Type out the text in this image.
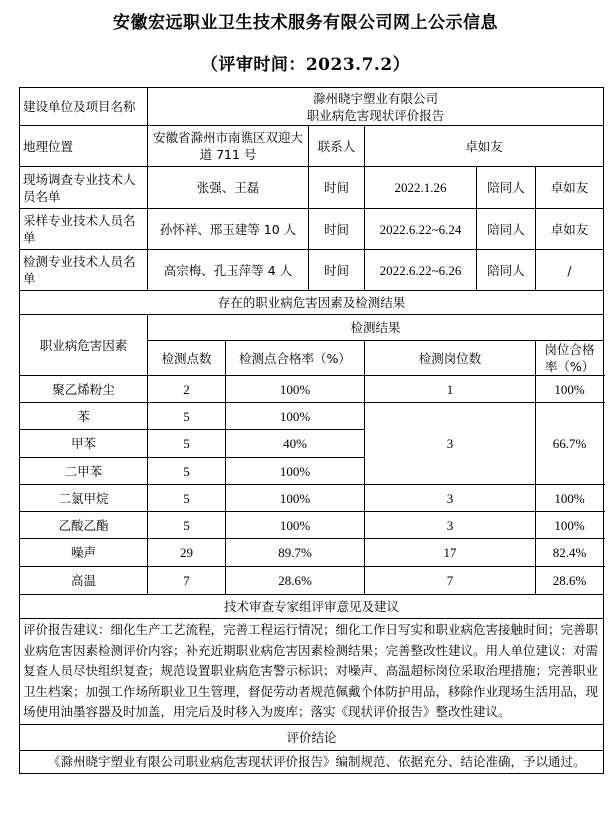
安徽宏远职业卫生技术服务有限公司网上公示信息
（评审时间：2023.7.2）
建设单位及项目名称	滁州晓宇塑业有限公司
职业病危害现状评价报告					

地理位置	安徽省滁州市南谯区双迎大道 711 号		联系人	卓如友		
现场调查专业技术人员名单	张强、王磊		时间	2022.1.26	陪同人	卓如友
采样专业技术人员名单	孙怀祥、邢玉建等 10 人		时间	2022.6.22~6.24	陪同人	卓如友
检测专业技术人员名单	高宗梅、孔玉萍等 4 人		时间	2022.6.22~6.26	陪同人	/
存在的职业病危害因素及检测结果						
职业病危害因素	检测结果					
	检测点数	检测点合格率（%）		检测岗位数		岗位合格率（%）
聚乙烯粉尘	2	100%		1		100%
苯	5	100%		3		66.7%
甲苯	5	40%				
二甲苯	5	100%				
二氯甲烷	5	100%		3		100%
乙酸乙酯	5	100%		3		100%
噪声	29	89.7%		17		82.4%
高温	7	28.6%		7		28.6%
技术审查专家组评审意见及建议						
评价报告建议：细化生产工艺流程，完善工程运行情况；细化工作日写实和职业病危害接触时间；完善职业病危害因素检测评价内容；补充近期职业病危害因素检测结果；完善整改性建议。用人单位建议：对需复查人员尽快组织复查；规范设置职业病危害警示标识；对噪声、高温超标岗位采取治理措施；完善职业卫生档案；加强工作场所职业卫生管理，督促劳动者规范佩戴个体防护用品，移除作业现场生活用品，现场使用油墨容器及时加盖，用完后及时移入为废库；落实《现状评价报告》整改性建议。						
评价结论						
《滁州晓宇塑业有限公司职业病危害现状评价报告》编制规范、依据充分、结论准确，予以通过。						
